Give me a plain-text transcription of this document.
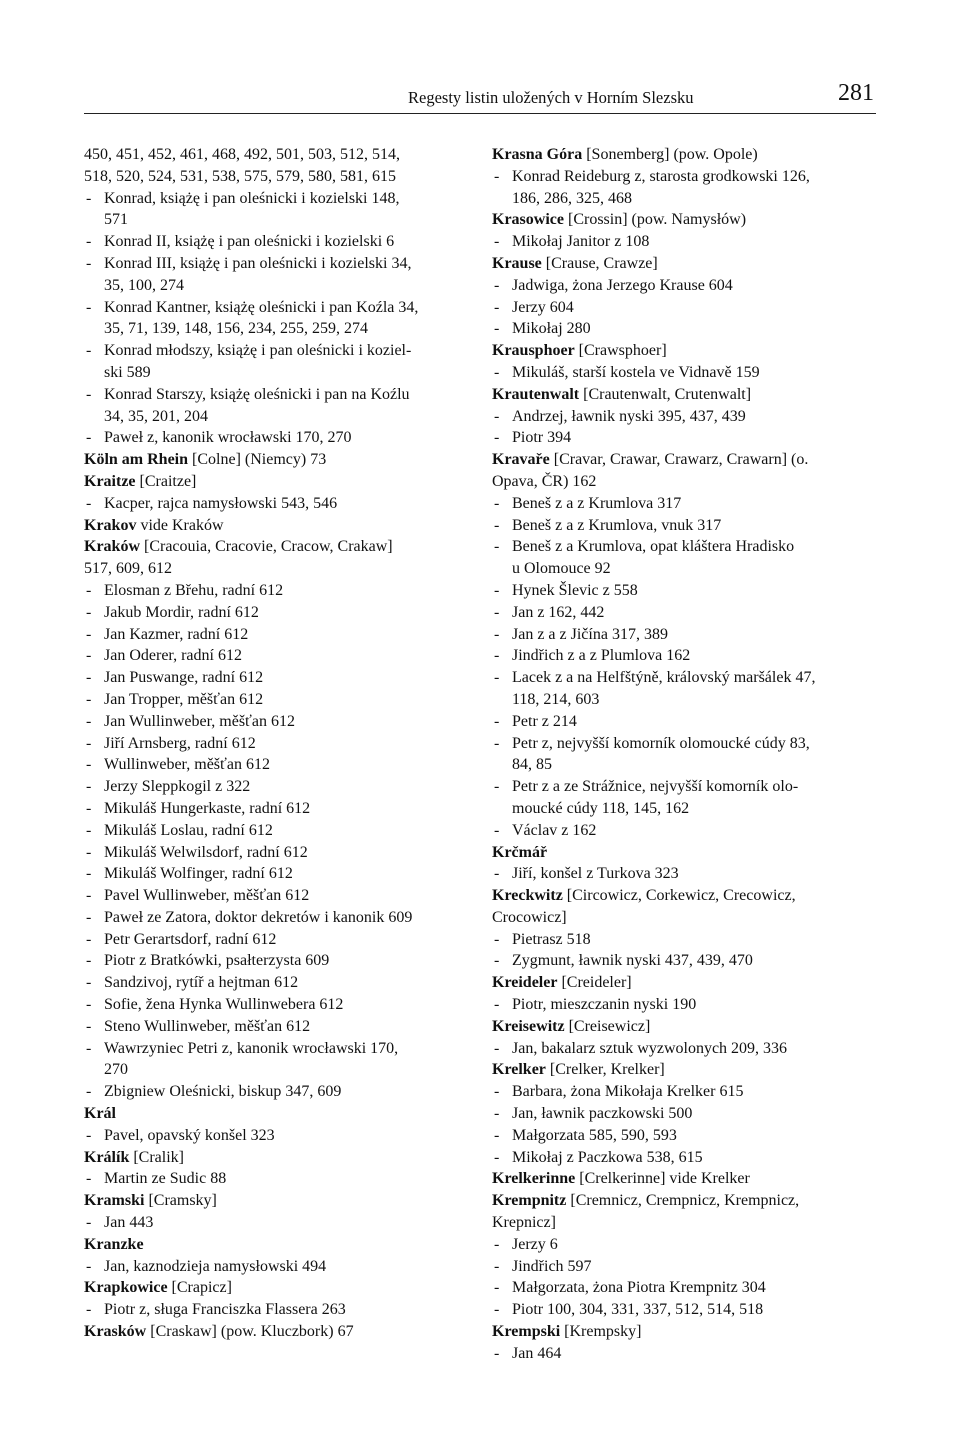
Regesty listin uložených v Horním Slezsku	281
450, 451, 452, 461, 468, 492, 501, 503, 512, 514,
518, 520, 524, 531, 538, 575, 579, 580, 581, 615
- Konrad, książę i pan oleśnicki i kozielski 148,
571
- Konrad II, książę i pan oleśnicki i kozielski 6
- Konrad III, książę i pan oleśnicki i kozielski 34,
35, 100, 274
- Konrad Kantner, książę oleśnicki i pan Koźla 34,
35, 71, 139, 148, 156, 234, 255, 259, 274
- Konrad młodszy, książę i pan oleśnicki i koziel-
ski 589
- Konrad Starszy, książę oleśnicki i pan na Koźlu
34, 35, 201, 204
- Paweł z, kanonik wrocławski 170, 270
Köln am Rhein [Colne] (Niemcy) 73
Kraitze [Craitze]
- Kacper, rajca namysłowski 543, 546
Krakov vide Kraków
Kraków [Cracouia, Cracovie, Cracow, Crakaw]
517, 609, 612
- Elosman z Břehu, radní 612
- Jakub Mordir, radní 612
- Jan Kazmer, radní 612
- Jan Oderer, radní 612
- Jan Puswange, radní 612
- Jan Tropper, měšťan 612
- Jan Wullinweber, měšťan 612
- Jiří Arnsberg, radní 612
- Wullinweber, měšťan 612
- Jerzy Sleppkogil z 322
- Mikuláš Hungerkaste, radní 612
- Mikuláš Loslau, radní 612
- Mikuláš Welwilsdorf, radní 612
- Mikuláš Wolfinger, radní 612
- Pavel Wullinweber, měšťan 612
- Paweł ze Zatora, doktor dekretów i kanonik 609
- Petr Gerartsdorf, radní 612
- Piotr z Bratkówki, psałterzysta 609
- Sandzivoj, rytíř a hejtman 612
- Sofie, žena Hynka Wullinwebera 612
- Steno Wullinweber, měšťan 612
- Wawrzyniec Petri z, kanonik wrocławski 170,
270
- Zbigniew Oleśnicki, biskup 347, 609
Král
- Pavel, opavský konšel 323
Králík [Cralik]
- Martin ze Sudic 88
Kramski [Cramsky]
- Jan 443
Kranzke
- Jan, kaznodzieja namysłowski 494
Krapkowice [Crapicz]
- Piotr z, sługa Franciszka Flassera 263
Krasków [Craskaw] (pow. Kluczbork) 67
Krasna Góra [Sonemberg] (pow. Opole)
- Konrad Reideburg z, starosta grodkowski 126,
186, 286, 325, 468
Krasowice [Crossin] (pow. Namysłów)
- Mikołaj Janitor z 108
Krause [Crause, Crawze]
- Jadwiga, żona Jerzego Krause 604
- Jerzy 604
- Mikołaj 280
Krausphoer [Crawsphoer]
- Mikuláš, starší kostela ve Vidnavě 159
Krautenwalt [Crautenwalt, Crutenwalt]
- Andrzej, ławnik nyski 395, 437, 439
- Piotr 394
Kravaře [Cravar, Crawar, Crawarz, Crawarn] (o.
Opava, ČR) 162
- Beneš z a z Krumlova 317
- Beneš z a z Krumlova, vnuk 317
- Beneš z a Krumlova, opat kláštera Hradisko
u Olomouce 92
- Hynek Šlevic z 558
- Jan z 162, 442
- Jan z a z Jičína 317, 389
- Jindřich z a z Plumlova 162
- Lacek z a na Helfštýně, královský maršálek 47,
118, 214, 603
- Petr z 214
- Petr z, nejvyšší komorník olomoucké cúdy 83,
84, 85
- Petr z a ze Strážnice, nejvyšší komorník olo-
moucké cúdy 118, 145, 162
- Václav z 162
Krčmář
- Jiří, konšel z Turkova 323
Kreckwitz [Circowicz, Corkewicz, Crecowicz,
Crocowicz]
- Pietrasz 518
- Zygmunt, ławnik nyski 437, 439, 470
Kreideler [Creideler]
- Piotr, mieszczanin nyski 190
Kreisewitz [Creisewicz]
- Jan, bakalarz sztuk wyzwolonych 209, 336
Krelker [Crelker, Krelker]
- Barbara, żona Mikołaja Krelker 615
- Jan, ławnik paczkowski 500
- Małgorzata 585, 590, 593
- Mikołaj z Paczkowa 538, 615
Krelkerinne [Crelkerinne] vide Krelker
Krempnitz [Cremnicz, Crempnicz, Krempnicz,
Krepnicz]
- Jerzy 6
- Jindřich 597
- Małgorzata, żona Piotra Krempnitz 304
- Piotr 100, 304, 331, 337, 512, 514, 518
Krempski [Krempsky]
- Jan 464
